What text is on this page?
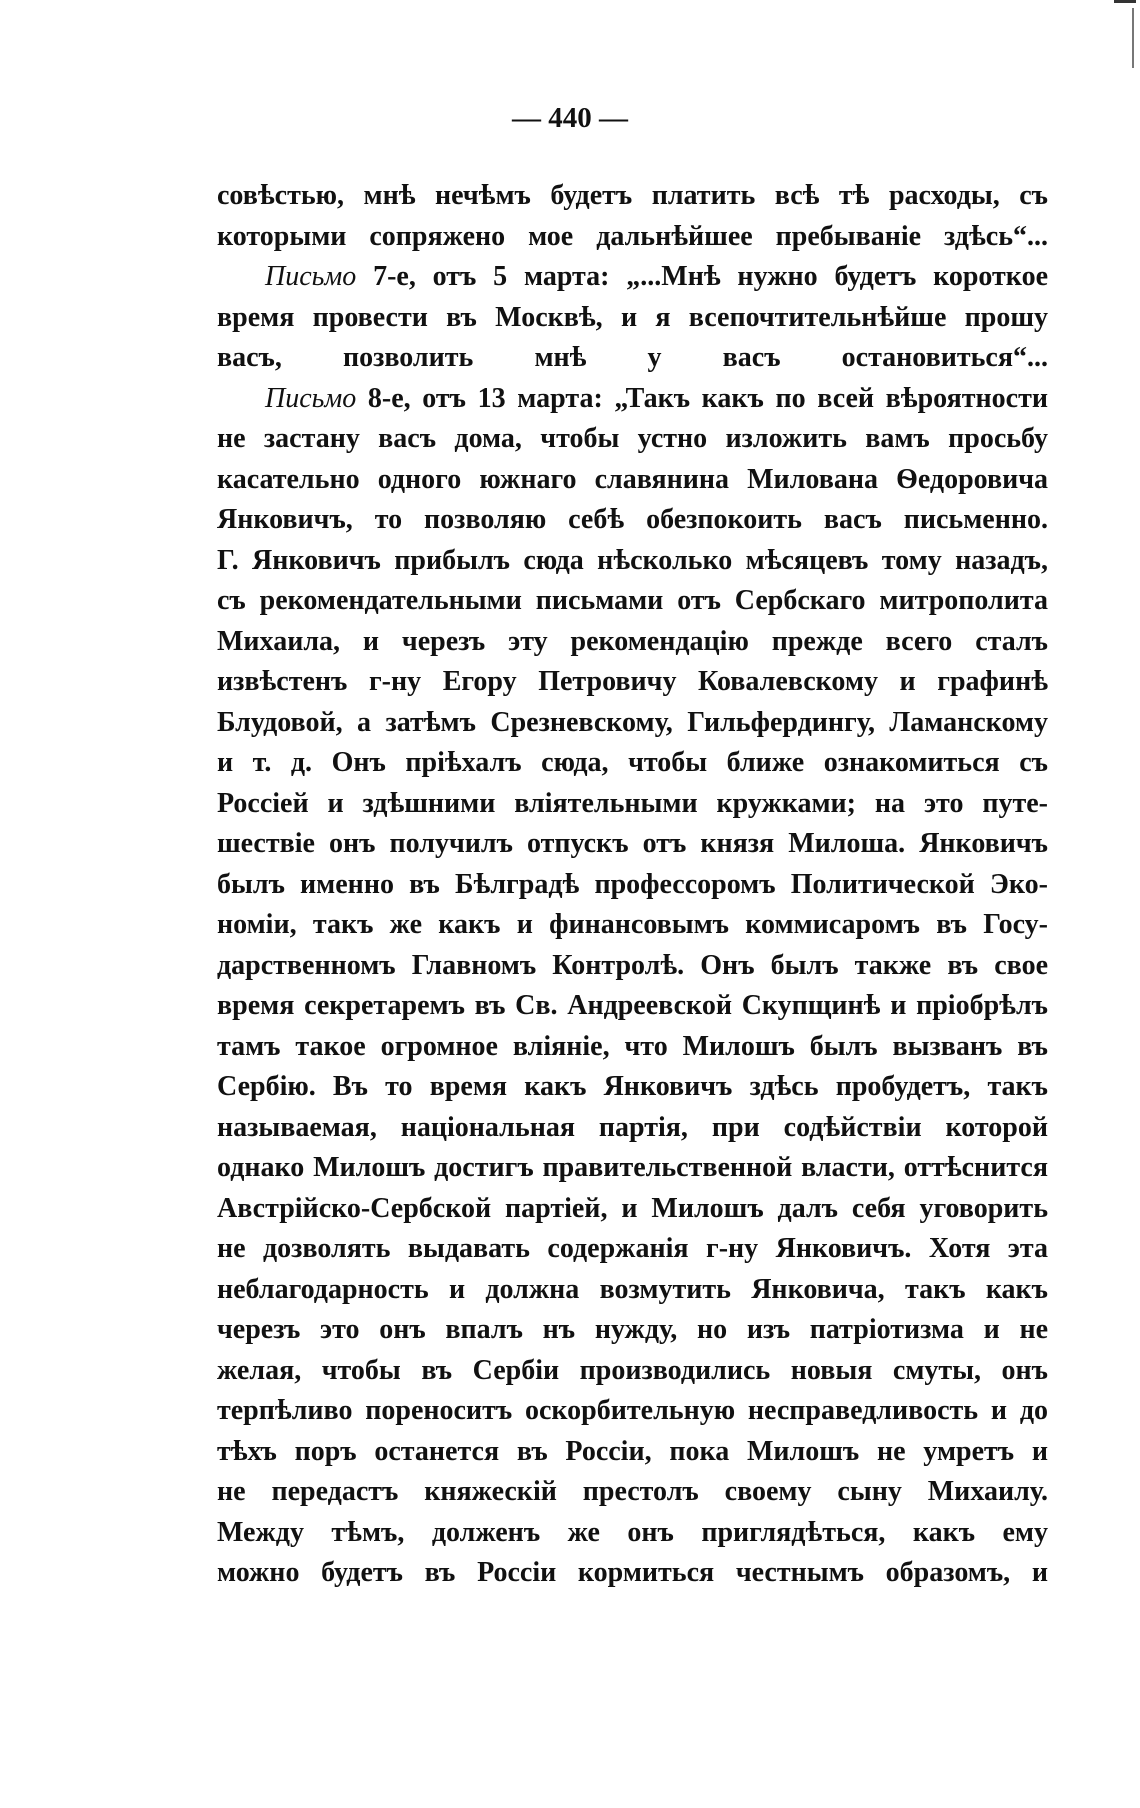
— 440 —
совѣстью, мнѣ нечѣмъ будетъ платить всѣ тѣ расходы, съ
которыми сопряжено мое дальнѣйшее пребываніе здѣсь“...
Письмо 7-е, отъ 5 марта: „...Мнѣ нужно будетъ короткое
время провести въ Москвѣ, и я всепочтительнѣйше прошу
васъ, позволить мнѣ у васъ остановиться“...
Письмо 8-е, отъ 13 марта: „Такъ какъ по всей вѣроятности
не застану васъ дома, чтобы устно изложить вамъ просьбу
касательно одного южнаго славянина Милована Ѳедоровича
Янковичъ, то позволяю себѣ обезпокоить васъ письменно.
Г. Янковичъ прибылъ сюда нѣсколько мѣсяцевъ тому назадъ,
съ рекомендательными письмами отъ Сербскаго митрополита
Михаила, и черезъ эту рекомендацію прежде всего сталъ
извѣстенъ г-ну Егору Петровичу Ковалевскому и графинѣ
Блудовой, а затѣмъ Срезневскому, Гильфердингу, Ламанскому
и т. д. Онъ пріѣхалъ сюда, чтобы ближе ознакомиться съ
Россіей и здѣшними вліятельными кружками; на это путе-
шествіе онъ получилъ отпускъ отъ князя Милоша. Янковичъ
былъ именно въ Бѣлградѣ профессоромъ Политической Эко-
номіи, такъ же какъ и финансовымъ коммисаромъ въ Госу-
дарственномъ Главномъ Контролѣ. Онъ былъ также въ свое
время секретаремъ въ Св. Андреевской Скупщинѣ и пріобрѣлъ
тамъ такое огромное вліяніе, что Милошъ былъ вызванъ въ
Сербію. Въ то время какъ Янковичъ здѣсь пробудетъ, такъ
называемая, національная партія, при содѣйствіи которой
однако Милошъ достигъ правительственной власти, оттѣснится
Австрійско-Сербской партіей, и Милошъ далъ себя уговорить
не дозволять выдавать содержанія г-ну Янковичъ. Хотя эта
неблагодарность и должна возмутить Янковича, такъ какъ
черезъ это онъ впалъ нъ нужду, но изъ патріотизма и не
желая, чтобы въ Сербіи производились новыя смуты, онъ
терпѣливо пореноситъ оскорбительную несправедливость и до
тѣхъ поръ останется въ Россіи, пока Милошъ не умретъ и
не передастъ княжескій престолъ своему сыну Михаилу.
Между тѣмъ, долженъ же онъ приглядѣться, какъ ему
можно будетъ въ Россіи кормиться честнымъ образомъ, и
